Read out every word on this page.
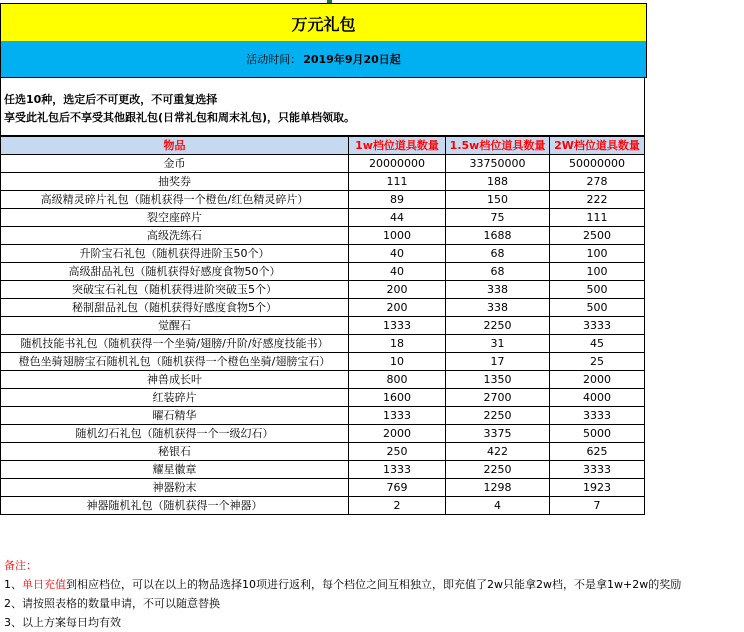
万元礼包
活动时间： 2019年9月20日起
任选10种，选定后不可更改，不可重复选择
享受此礼包后不享受其他跟礼包(日常礼包和周末礼包)，只能单档领取。
物品	1w档位道具数量	1.5w档位道具数量	2W档位道具数量
金币	20000000	33750000	50000000
抽奖券	111	188	278
高级精灵碎片礼包（随机获得一个橙色/红色精灵碎片）	89	150	222
裂空座碎片	44	75	111
高级洗练石	1000	1688	2500
升阶宝石礼包（随机获得进阶玉50个）	40	68	100
高级甜品礼包（随机获得好感度食物50个）	40	68	100
突破宝石礼包（随机获得进阶突破玉5个）	200	338	500
秘制甜品礼包（随机获得好感度食物5个）	200	338	500
觉醒石	1333	2250	3333
随机技能书礼包（随机获得一个坐骑/翅膀/升阶/好感度技能书）	18	31	45
橙色坐骑翅膀宝石随机礼包（随机获得一个橙色坐骑/翅膀宝石）	10	17	25
神兽成长叶	800	1350	2000
红装碎片	1600	2700	4000
曜石精华	1333	2250	3333
随机幻石礼包（随机获得一个一级幻石）	2000	3375	5000
秘银石	250	422	625
耀星徽章	1333	2250	3333
神器粉末	769	1298	1923
神器随机礼包（随机获得一个神器）	2	4	7
备注：
1、单日充值到相应档位，可以在以上的物品选择10项进行返利，每个档位之间互相独立，即充值了2w只能拿2w档，不是拿1w+2w的奖励
2、请按照表格的数量申请，不可以随意替换
3、以上方案每日均有效
